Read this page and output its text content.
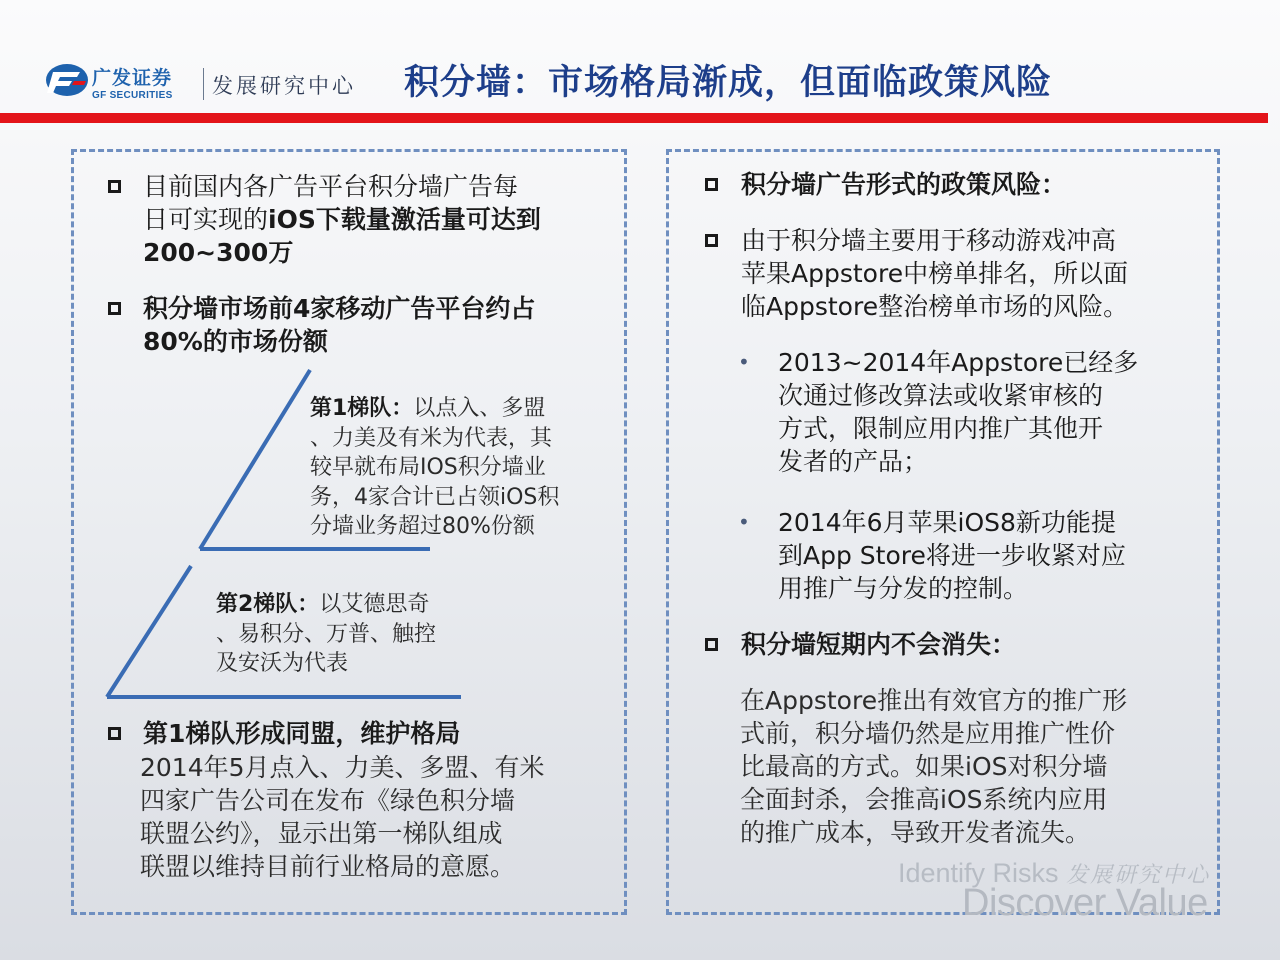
广发证券
GF SECURITIES 发展研究中心 积分墙：市场格局渐成，但面临政策风险
目前国内各广告平台积分墙广告每
日可实现的iOS下载量激活量可达到
200~300万
积分墙市场前4家移动广告平台约占
80%的市场份额
第1梯队：以点入、多盟
、力美及有米为代表，其
较早就布局IOS积分墙业
务，4家合计已占领iOS积
分墙业务超过80%份额
第2梯队：以艾德思奇
、易积分、万普、触控
及安沃为代表
第1梯队形成同盟，维护格局
2014年5月点入、力美、多盟、有米
四家广告公司在发布《绿色积分墙
联盟公约》，显示出第一梯队组成
联盟以维持目前行业格局的意愿。
积分墙广告形式的政策风险：
由于积分墙主要用于移动游戏冲高
苹果Appstore中榜单排名，所以面
临Appstore整治榜单市场的风险。
• 2013~2014年Appstore已经多
次通过修改算法或收紧审核的
方式，限制应用内推广其他开
发者的产品；
• 2014年6月苹果iOS8新功能提
到App Store将进一步收紧对应
用推广与分发的控制。
积分墙短期内不会消失：
在Appstore推出有效官方的推广形
式前，积分墙仍然是应用推广性价
比最高的方式。如果iOS对积分墙
全面封杀，会推高iOS系统内应用
的推广成本，导致开发者流失。
Identify Risks 发展研究中心
Discover Value
